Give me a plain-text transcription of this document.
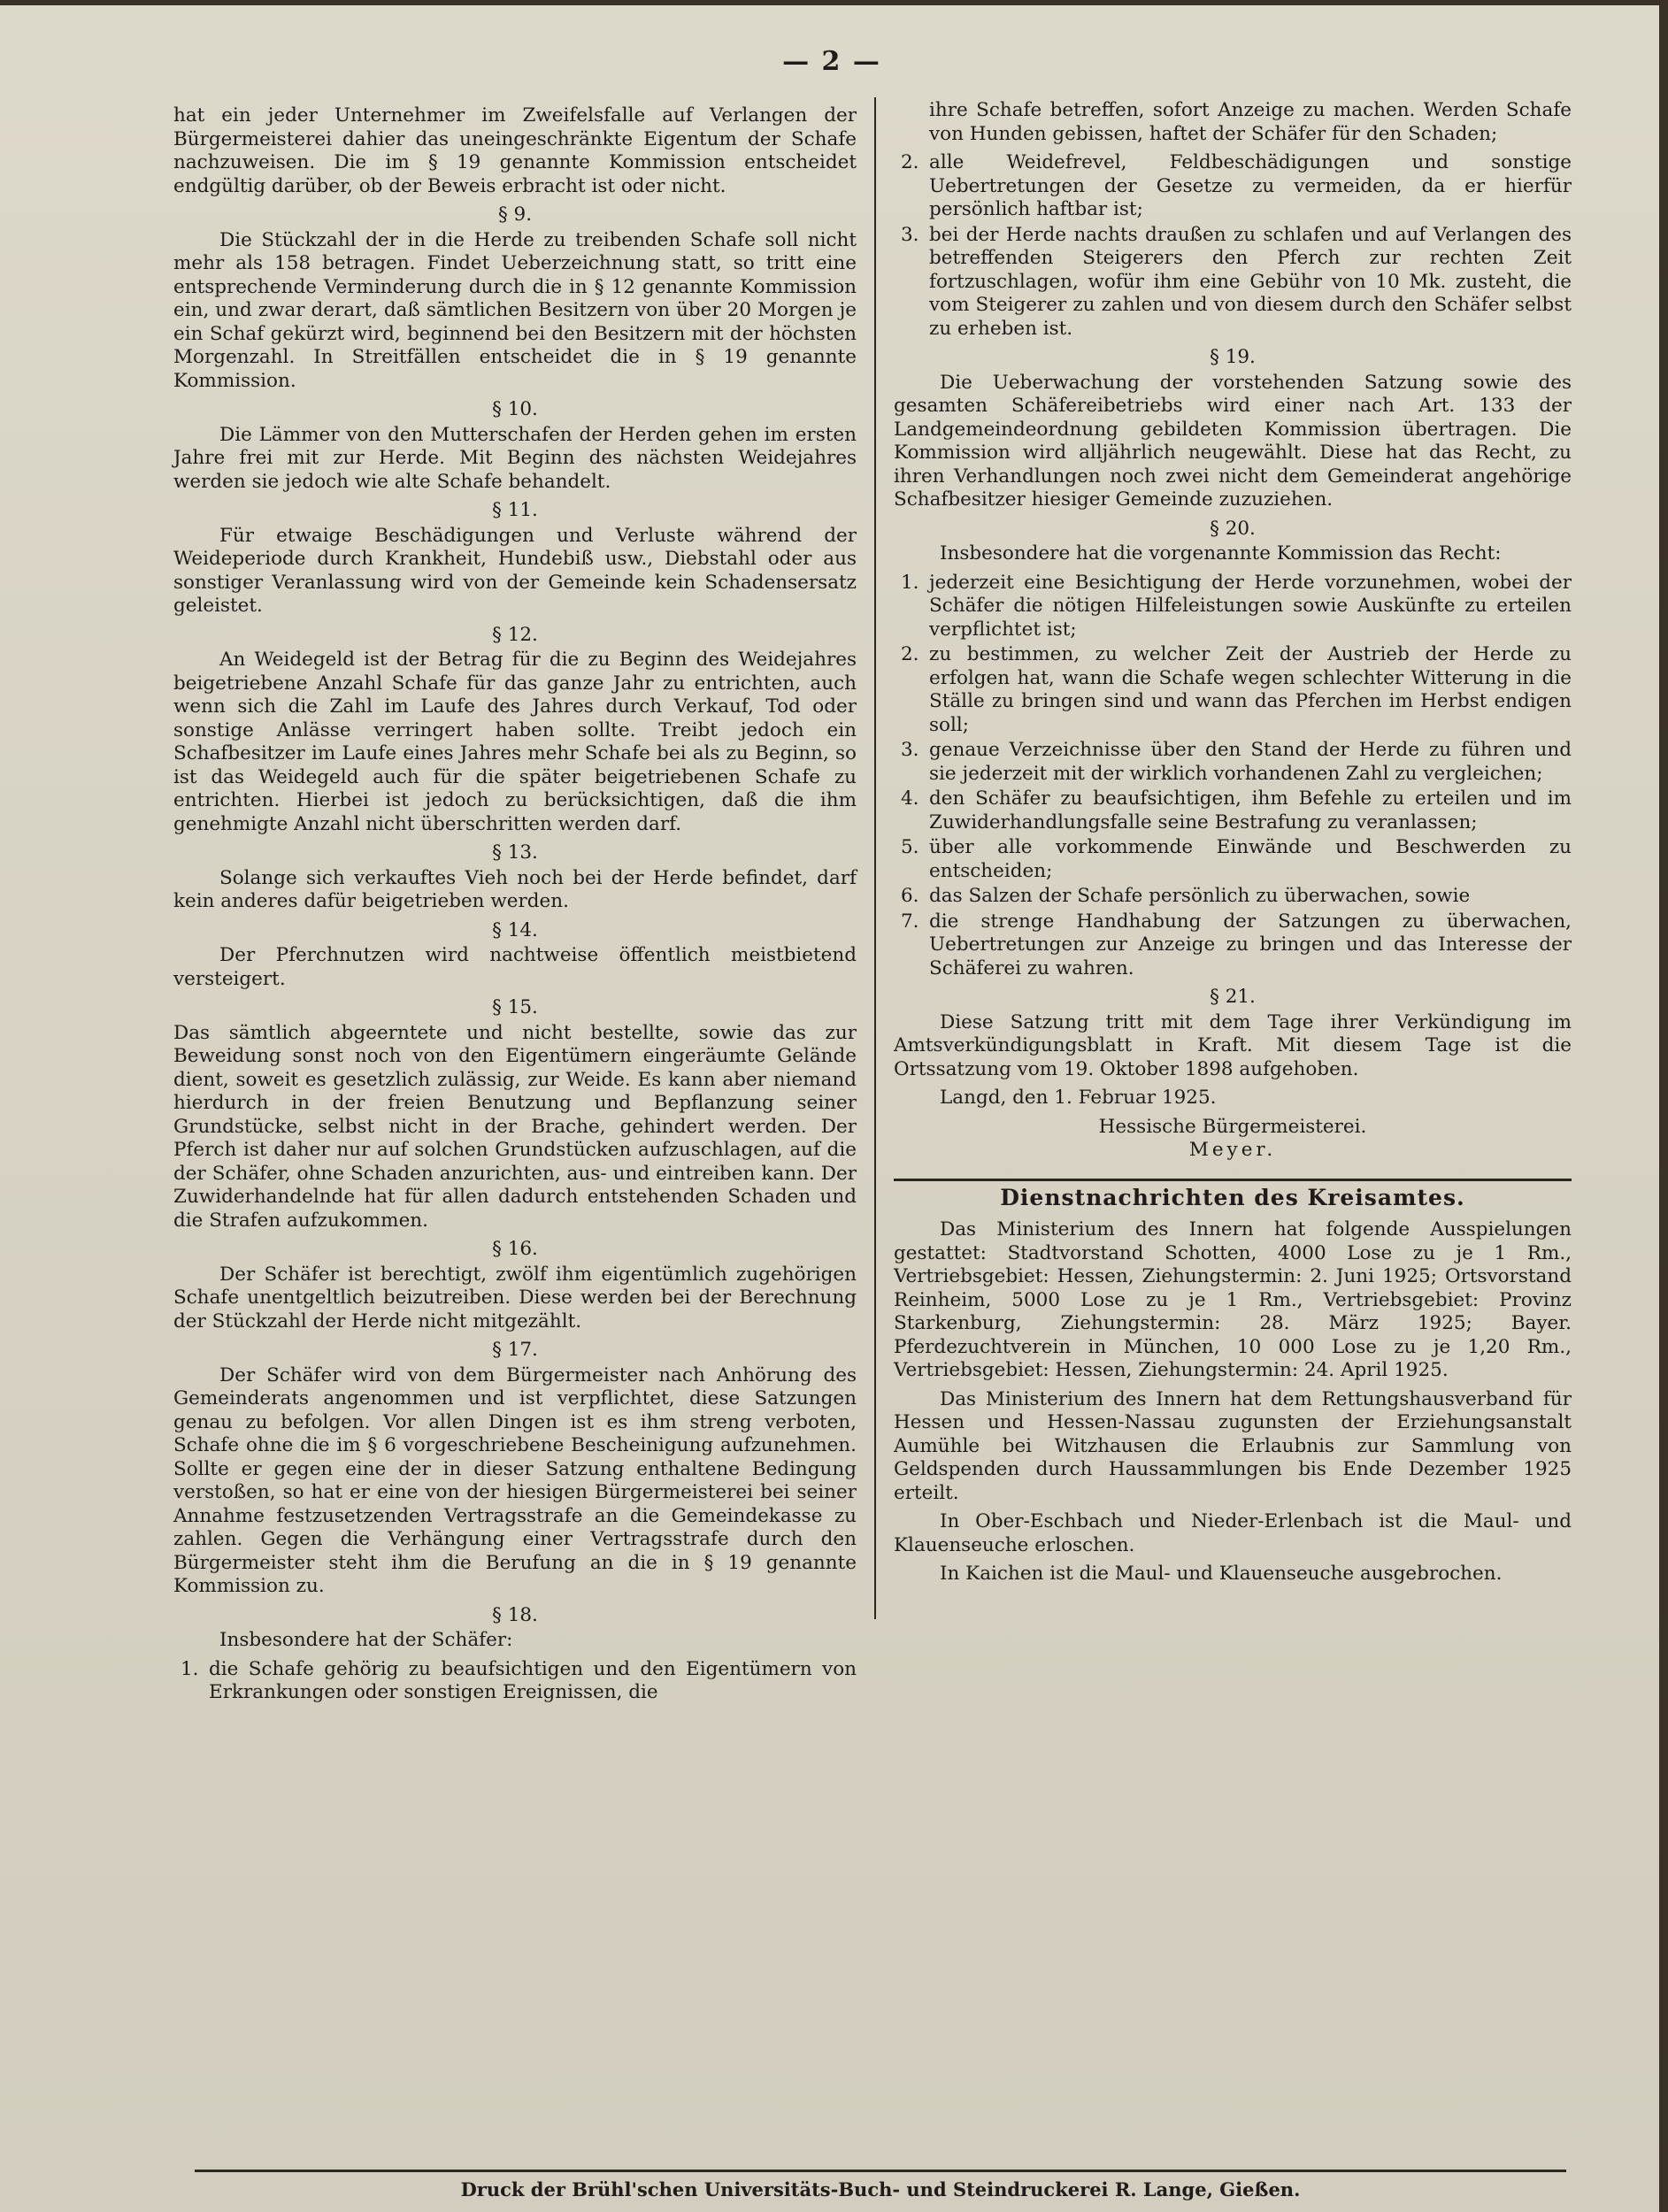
— 2 —

hat ein jeder Unternehmer im Zweifelsfalle auf Verlangen der Bürgermeisterei dahier das uneingeschränkte Eigentum der Schafe nachzuweisen. Die im § 19 genannte Kommission entscheidet endgültig darüber, ob der Beweis erbracht ist oder nicht.

§ 9.

Die Stückzahl der in die Herde zu treibenden Schafe soll nicht mehr als 158 betragen. Findet Ueberzeichnung statt, so tritt eine entsprechende Verminderung durch die in § 12 genannte Kommission ein, und zwar derart, daß sämtlichen Besitzern von über 20 Morgen je ein Schaf gekürzt wird, beginnend bei den Besitzern mit der höchsten Morgenzahl. In Streitfällen entscheidet die in § 19 genannte Kommission.

§ 10.

Die Lämmer von den Mutterschafen der Herden gehen im ersten Jahre frei mit zur Herde. Mit Beginn des nächsten Weidejahres werden sie jedoch wie alte Schafe behandelt.

§ 11.

Für etwaige Beschädigungen und Verluste während der Weideperiode durch Krankheit, Hundebiß usw., Diebstahl oder aus sonstiger Veranlassung wird von der Gemeinde kein Schadensersatz geleistet.

§ 12.

An Weidegeld ist der Betrag für die zu Beginn des Weidejahres beigetriebene Anzahl Schafe für das ganze Jahr zu entrichten, auch wenn sich die Zahl im Laufe des Jahres durch Verkauf, Tod oder sonstige Anlässe verringert haben sollte. Treibt jedoch ein Schafbesitzer im Laufe eines Jahres mehr Schafe bei als zu Beginn, so ist das Weidegeld auch für die später beigetriebenen Schafe zu entrichten. Hierbei ist jedoch zu berücksichtigen, daß die ihm genehmigte Anzahl nicht überschritten werden darf.

§ 13.

Solange sich verkauftes Vieh noch bei der Herde befindet, darf kein anderes dafür beigetrieben werden.

§ 14.

Der Pferchnutzen wird nachtweise öffentlich meistbietend versteigert.

§ 15.

Das sämtlich abgeerntete und nicht bestellte, sowie das zur Beweidung sonst noch von den Eigentümern eingeräumte Gelände dient, soweit es gesetzlich zulässig, zur Weide. Es kann aber niemand hierdurch in der freien Benutzung und Bepflanzung seiner Grundstücke, selbst nicht in der Brache, gehindert werden. Der Pferch ist daher nur auf solchen Grundstücken aufzuschlagen, auf die der Schäfer, ohne Schaden anzurichten, aus- und eintreiben kann. Der Zuwiderhandelnde hat für allen dadurch entstehenden Schaden und die Strafen aufzukommen.

§ 16.

Der Schäfer ist berechtigt, zwölf ihm eigentümlich zugehörigen Schafe unentgeltlich beizutreiben. Diese werden bei der Berechnung der Stückzahl der Herde nicht mitgezählt.

§ 17.

Der Schäfer wird von dem Bürgermeister nach Anhörung des Gemeinderats angenommen und ist verpflichtet, diese Satzungen genau zu befolgen. Vor allen Dingen ist es ihm streng verboten, Schafe ohne die im § 6 vorgeschriebene Bescheinigung aufzunehmen. Sollte er gegen eine der in dieser Satzung enthaltene Bedingung verstoßen, so hat er eine von der hiesigen Bürgermeisterei bei seiner Annahme festzusetzenden Vertragsstrafe an die Gemeindekasse zu zahlen. Gegen die Verhängung einer Vertragsstrafe durch den Bürgermeister steht ihm die Berufung an die in § 19 genannte Kommission zu.

§ 18.

Insbesondere hat der Schäfer:

1. die Schafe gehörig zu beaufsichtigen und den Eigentümern von Erkrankungen oder sonstigen Ereignissen, die

ihre Schafe betreffen, sofort Anzeige zu machen. Werden Schafe von Hunden gebissen, haftet der Schäfer für den Schaden;

2. alle Weidefrevel, Feldbeschädigungen und sonstige Uebertretungen der Gesetze zu vermeiden, da er hierfür persönlich haftbar ist;
3. bei der Herde nachts draußen zu schlafen und auf Verlangen des betreffenden Steigerers den Pferch zur rechten Zeit fortzuschlagen, wofür ihm eine Gebühr von 10 Mk. zusteht, die vom Steigerer zu zahlen und von diesem durch den Schäfer selbst zu erheben ist.
§ 19.

Die Ueberwachung der vorstehenden Satzung sowie des gesamten Schäfereibetriebs wird einer nach Art. 133 der Landgemeindeordnung gebildeten Kommission übertragen. Die Kommission wird alljährlich neugewählt. Diese hat das Recht, zu ihren Verhandlungen noch zwei nicht dem Gemeinderat angehörige Schafbesitzer hiesiger Gemeinde zuzuziehen.

§ 20.

Insbesondere hat die vorgenannte Kommission das Recht:

1. jederzeit eine Besichtigung der Herde vorzunehmen, wobei der Schäfer die nötigen Hilfeleistungen sowie Auskünfte zu erteilen verpflichtet ist;
2. zu bestimmen, zu welcher Zeit der Austrieb der Herde zu erfolgen hat, wann die Schafe wegen schlechter Witterung in die Ställe zu bringen sind und wann das Pferchen im Herbst endigen soll;
3. genaue Verzeichnisse über den Stand der Herde zu führen und sie jederzeit mit der wirklich vorhandenen Zahl zu vergleichen;
4. den Schäfer zu beaufsichtigen, ihm Befehle zu erteilen und im Zuwiderhandlungsfalle seine Bestrafung zu veranlassen;
5. über alle vorkommende Einwände und Beschwerden zu entscheiden;
6. das Salzen der Schafe persönlich zu überwachen, sowie
7. die strenge Handhabung der Satzungen zu überwachen, Uebertretungen zur Anzeige zu bringen und das Interesse der Schäferei zu wahren.
§ 21.

Diese Satzung tritt mit dem Tage ihrer Verkündigung im Amtsverkündigungsblatt in Kraft. Mit diesem Tage ist die Ortssatzung vom 19. Oktober 1898 aufgehoben.

Langd, den 1. Februar 1925.

Hessische Bürgermeisterei.
Meyer.
Dienstnachrichten des Kreisamtes.

Das Ministerium des Innern hat folgende Ausspielungen gestattet: Stadtvorstand Schotten, 4000 Lose zu je 1 Rm., Vertriebsgebiet: Hessen, Ziehungstermin: 2. Juni 1925; Ortsvorstand Reinheim, 5000 Lose zu je 1 Rm., Vertriebsgebiet: Provinz Starkenburg, Ziehungstermin: 28. März 1925; Bayer. Pferdezuchtverein in München, 10 000 Lose zu je 1,20 Rm., Vertriebsgebiet: Hessen, Ziehungstermin: 24. April 1925.

Das Ministerium des Innern hat dem Rettungshausverband für Hessen und Hessen-Nassau zugunsten der Erziehungsanstalt Aumühle bei Witzhausen die Erlaubnis zur Sammlung von Geldspenden durch Haussammlungen bis Ende Dezember 1925 erteilt.

In Ober-Eschbach und Nieder-Erlenbach ist die Maul- und Klauenseuche erloschen.

In Kaichen ist die Maul- und Klauenseuche ausgebrochen.

Druck der Brühl'schen Universitäts-Buch- und Steindruckerei R. Lange, Gießen.
